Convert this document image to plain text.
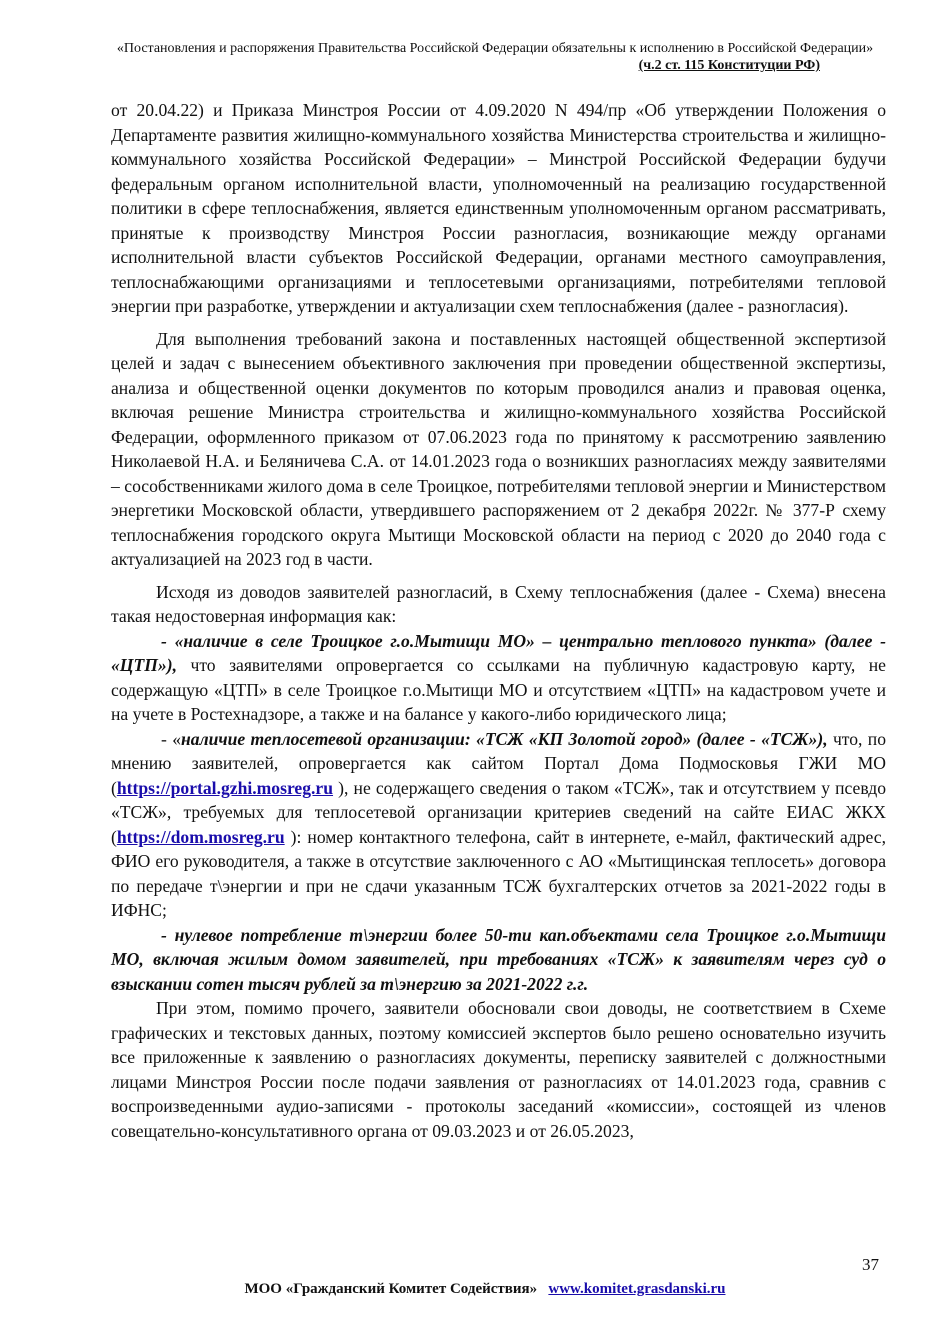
«Постановления и распоряжения Правительства Российской Федерации обязательны к исполнению в Российской Федерации»
(ч.2 ст. 115 Конституции РФ)

от 20.04.22) и Приказа Минстроя России от 4.09.2020 N 494/пр «Об утверждении Положения о Департаменте развития жилищно-коммунального хозяйства Министерства строительства и жилищно-коммунального хозяйства Российской Федерации» – Минстрой Российской Федерации будучи федеральным органом исполнительной власти, уполномоченный на реализацию государственной политики в сфере теплоснабжения, является единственным уполномоченным органом рассматривать, принятые к производству Минстроя России разногласия, возникающие между органами исполнительной власти субъектов Российской Федерации, органами местного самоуправления, теплоснабжающими организациями и теплосетевыми организациями, потребителями тепловой энергии при разработке, утверждении и актуализации схем теплоснабжения (далее - разногласия).

Для выполнения требований закона и поставленных настоящей общественной экспертизой целей и задач с вынесением объективного заключения при проведении общественной экспертизы, анализа и общественной оценки документов по которым проводился анализ и правовая оценка, включая решение Министра строительства и жилищно-коммунального хозяйства Российской Федерации, оформленного приказом от 07.06.2023 года по принятому к рассмотрению заявлению Николаевой Н.А. и Беляничева С.А. от 14.01.2023 года о возникших разногласиях между заявителями – сособственниками жилого дома в селе Троицкое, потребителями тепловой энергии и Министерством энергетики Московской области, утвердившего распоряжением от 2 декабря 2022г. № 377-Р схему теплоснабжения городского округа Мытищи Московской области на период с 2020 до 2040 года с актуализацией на 2023 год в части.

Исходя из доводов заявителей разногласий, в Схему теплоснабжения (далее - Схема) внесена такая недостоверная информация как:

- «наличие в селе Троицкое г.о.Мытищи МО» – центрально теплового пункта» (далее - «ЦТП»), что заявителями опровергается со ссылками на публичную кадастровую карту, не содержащую «ЦТП» в селе Троицкое г.о.Мытищи МО и отсутствием «ЦТП» на кадастровом учете и на учете в Ростехнадзоре, а также и на балансе у какого-либо юридического лица;

- «наличие теплосетевой организации: «ТСЖ «КП Золотой город» (далее - «ТСЖ»), что, по мнению заявителей, опровергается как сайтом Портал Дома Подмосковья ГЖИ МО (https://portal.gzhi.mosreg.ru ), не содержащего сведения о таком «ТСЖ», так и отсутствием у псевдо «ТСЖ», требуемых для теплосетевой организации критериев сведений на сайте ЕИАС ЖКХ (https://dom.mosreg.ru ): номер контактного телефона, сайт в интернете, е-майл, фактический адрес, ФИО его руководителя, а также в отсутствие заключенного с АО «Мытищинская теплосеть» договора по передаче т\энергии и при не сдачи указанным ТСЖ бухгалтерских отчетов за 2021-2022 годы в ИФНС;

- нулевое потребление т\энергии более 50-ти кап.объектами села Троицкое г.о.Мытищи МО, включая жилым домом заявителей, при требованиях «ТСЖ» к заявителям через суд о взыскании сотен тысяч рублей за т\энергию за 2021-2022 г.г.

При этом, помимо прочего, заявители обосновали свои доводы, не соответствием в Схеме графических и текстовых данных, поэтому комиссией экспертов было решено основательно изучить все приложенные к заявлению о разногласиях документы, переписку заявителей с должностными лицами Минстроя России после подачи заявления от разногласиях от 14.01.2023 года, сравнив с воспроизведенными аудио-записями - протоколы заседаний «комиссии», состоящей из членов совещательно-консультативного органа от 09.03.2023 и от 26.05.2023,

37
МОО «Гражданский Комитет Содействия» www.komitet.grasdanski.ru
